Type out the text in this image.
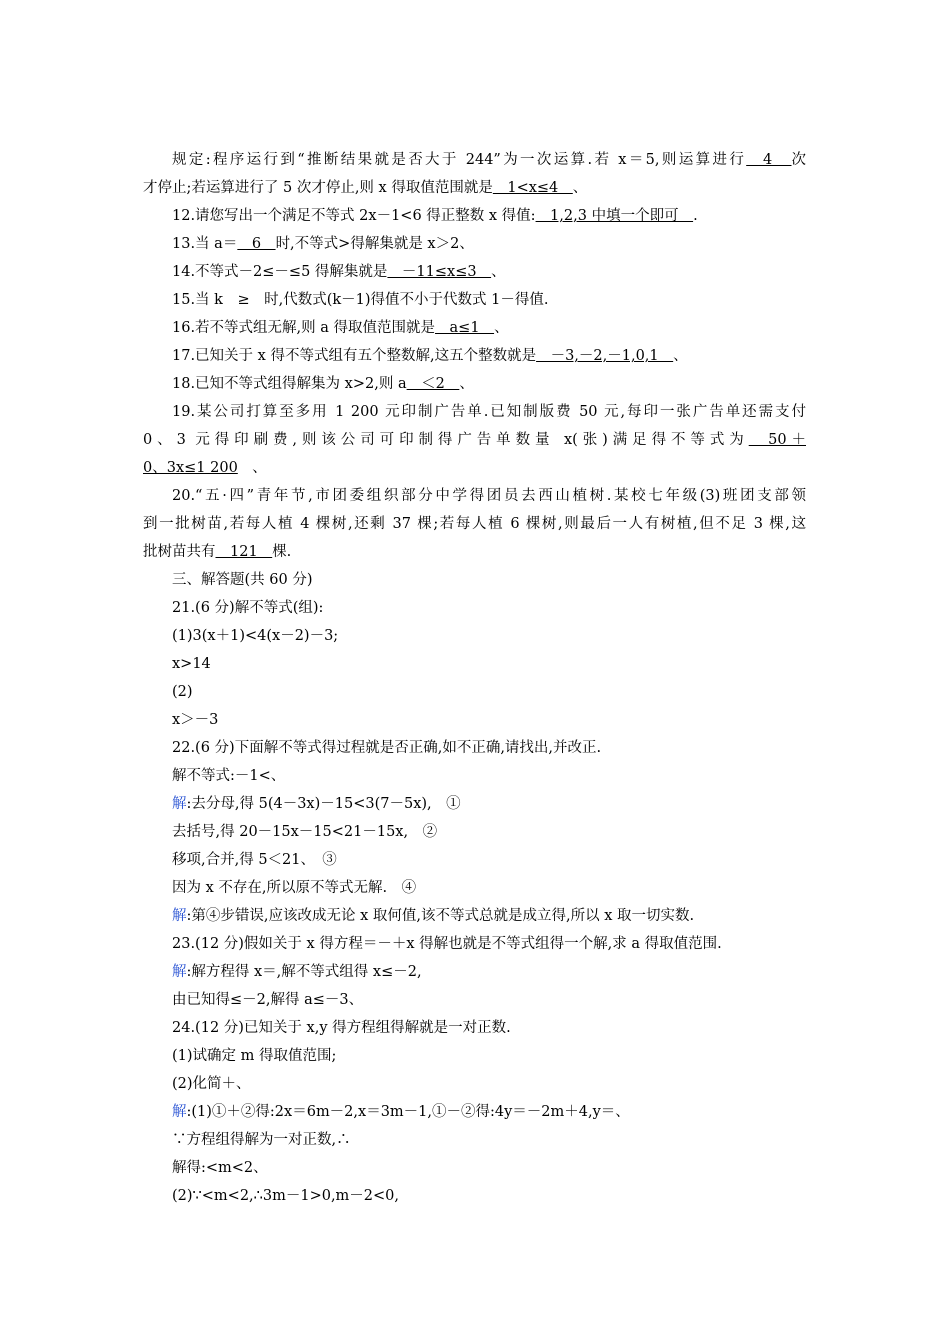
规定:程序运行到“推断结果就是否大于 244”为一次运算.若 x＝5,则运算进行　4　次
才停止;若运算进行了 5 次才停止,则 x 得取值范围就是　1<x≤4　、
12.请您写出一个满足不等式 2x－1<6 得正整数 x 得值:　1,2,3 中填一个即可　.
13.当 a＝　6　时,不等式>得解集就是 x＞2、
14.不等式－2≤－≤5 得解集就是　－11≤x≤3　、
15.当 k　≥　时,代数式(k－1)得值不小于代数式 1－得值.
16.若不等式组无解,则 a 得取值范围就是　a≤1　、
17.已知关于 x 得不等式组有五个整数解,这五个整数就是　－3,－2,－1,0,1　、
18.已知不等式组得解集为 x>2,则 a　＜2　、
19.某公司打算至多用 1 200 元印制广告单.已知制版费 50 元,每印一张广告单还需支付
0、3 元得印刷费,则该公司可印制得广告单数量 x(张)满足得不等式为　50＋
0、3x≤1 200　、
20.“五·四”青年节,市团委组织部分中学得团员去西山植树.某校七年级(3)班团支部领
到一批树苗,若每人植 4 棵树,还剩 37 棵;若每人植 6 棵树,则最后一人有树植,但不足 3 棵,这
批树苗共有　121　棵.
三、解答题(共 60 分)
21.(6 分)解不等式(组):
(1)3(x＋1)<4(x－2)－3;
x>14
(2)
x＞－3
22.(6 分)下面解不等式得过程就是否正确,如不正确,请找出,并改正.
解不等式:－1<、
解:去分母,得 5(4－3x)－15<3(7－5x),　①
去括号,得 20－15x－15<21－15x,　②
移项,合并,得 5＜21、　③
因为 x 不存在,所以原不等式无解.　④
解:第④步错误,应该改成无论 x 取何值,该不等式总就是成立得,所以 x 取一切实数.
23.(12 分)假如关于 x 得方程＝－＋x 得解也就是不等式组得一个解,求 a 得取值范围.
解:解方程得 x＝,解不等式组得 x≤－2,
由已知得≤－2,解得 a≤－3、
24.(12 分)已知关于 x,y 得方程组得解就是一对正数.
(1)试确定 m 得取值范围;
(2)化简＋、
解:(1)①＋②得:2x＝6m－2,x＝3m－1,①－②得:4y＝－2m＋4,y＝、
∵方程组得解为一对正数,∴
解得:<m<2、
(2)∵<m<2,∴3m－1>0,m－2<0,
